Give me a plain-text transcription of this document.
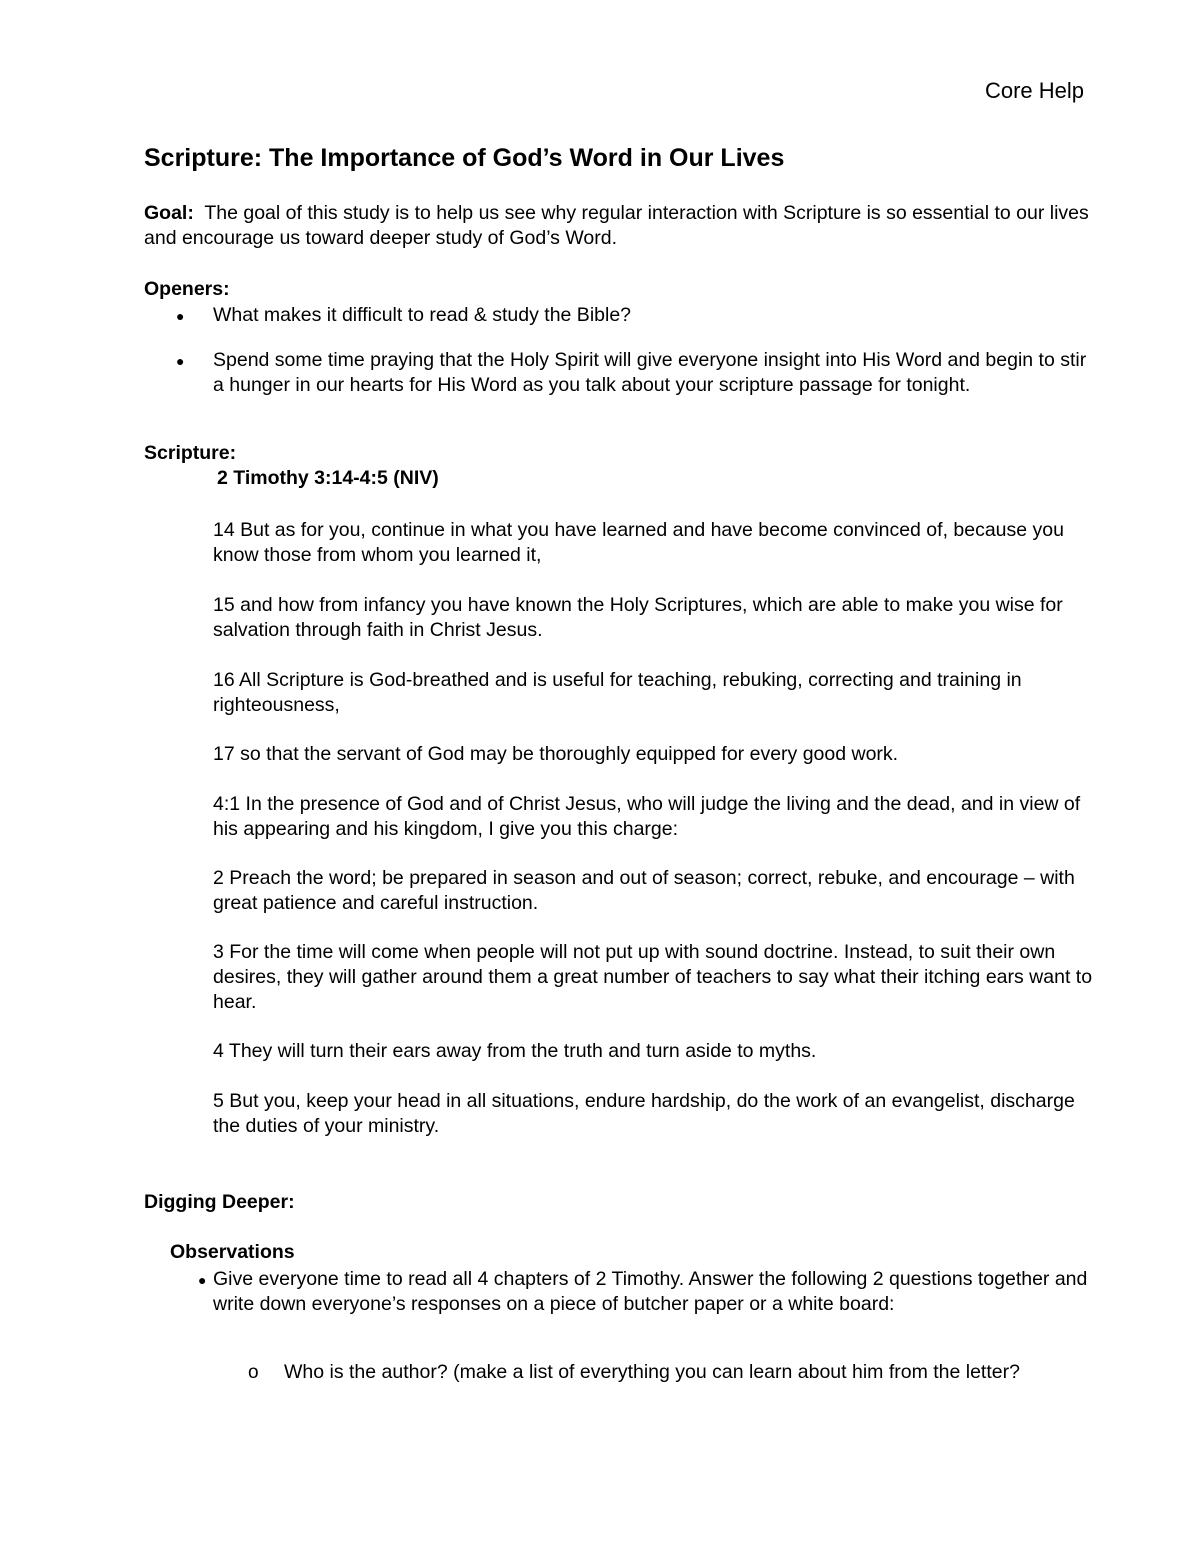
Core Help
Scripture: The Importance of God’s Word in Our Lives
Goal: The goal of this study is to help us see why regular interaction with Scripture is so essential to our lives and encourage us toward deeper study of God’s Word.
Openers:
● What makes it difficult to read & study the Bible?
● Spend some time praying that the Holy Spirit will give everyone insight into His Word and begin to stir a hunger in our hearts for His Word as you talk about your scripture passage for tonight.
Scripture:
2 Timothy 3:14-4:5 (NIV)
14 But as for you, continue in what you have learned and have become convinced of, because you know those from whom you learned it,
15 and how from infancy you have known the Holy Scriptures, which are able to make you wise for salvation through faith in Christ Jesus.
16 All Scripture is God-breathed and is useful for teaching, rebuking, correcting and training in righteousness,
17 so that the servant of God may be thoroughly equipped for every good work.
4:1 In the presence of God and of Christ Jesus, who will judge the living and the dead, and in view of his appearing and his kingdom, I give you this charge:
2 Preach the word; be prepared in season and out of season; correct, rebuke, and encourage – with great patience and careful instruction.
3 For the time will come when people will not put up with sound doctrine. Instead, to suit their own desires, they will gather around them a great number of teachers to say what their itching ears want to hear.
4 They will turn their ears away from the truth and turn aside to myths.
5 But you, keep your head in all situations, endure hardship, do the work of an evangelist, discharge the duties of your ministry.
Digging Deeper:
Observations
● Give everyone time to read all 4 chapters of 2 Timothy. Answer the following 2 questions together and write down everyone’s responses on a piece of butcher paper or a white board:
o Who is the author? (make a list of everything you can learn about him from the letter?
